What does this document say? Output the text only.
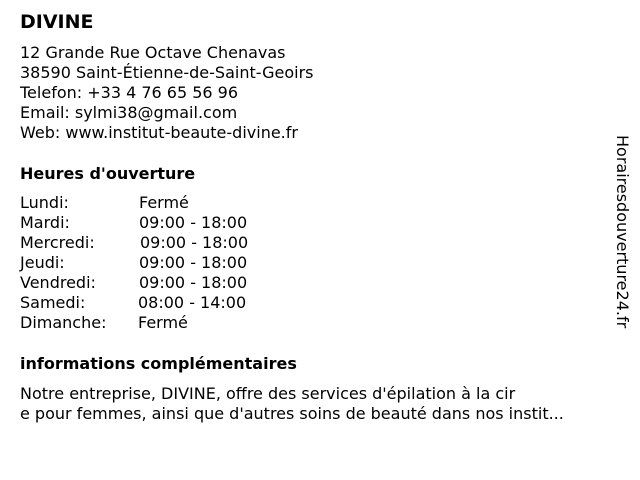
DIVINE
12 Grande Rue Octave Chenavas
38590 Saint-Étienne-de-Saint-Geoirs
Telefon: +33 4 76 65 56 96
Email: sylmi38@gmail.com
Web: www.institut-beaute-divine.fr
Heures d'ouverture
Lundi:	Fermé
Mardi:	09:00 - 18:00
Mercredi:	09:00 - 18:00
Jeudi:	09:00 - 18:00
Vendredi:	09:00 - 18:00
Samedi:	08:00 - 14:00
Dimanche:	Fermé
informations complémentaires
Notre entreprise, DIVINE, offre des services d'épilation à la cir
e pour femmes, ainsi que d'autres soins de beauté dans nos instit...
Horairesdouverture24.fr
